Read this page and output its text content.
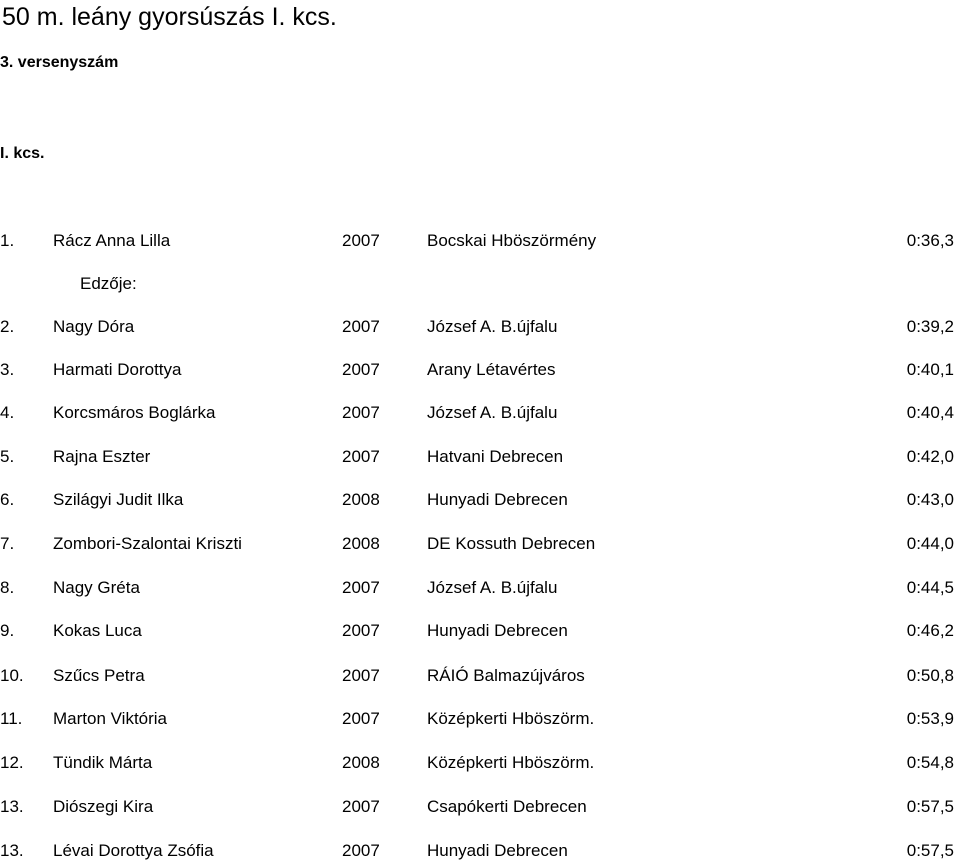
50 m. leány gyorsúszás I. kcs.
3. versenyszám
I. kcs.
1. Rácz Anna Lilla	2007	Bocskai Hböszörmény	0:36,3
Edzője:
2. Nagy Dóra	2007	József A. B.újfalu	0:39,2
3. Harmati Dorottya	2007	Arany Létavértes	0:40,1
4. Korcsmáros Boglárka	2007	József A. B.újfalu	0:40,4
5. Rajna Eszter	2007	Hatvani Debrecen	0:42,0
6. Szilágyi Judit Ilka	2008	Hunyadi Debrecen	0:43,0
7. Zombori-Szalontai Kriszti	2008	DE Kossuth Debrecen	0:44,0
8. Nagy Gréta	2007	József A. B.újfalu	0:44,5
9. Kokas Luca	2007	Hunyadi Debrecen	0:46,2
10. Szűcs Petra	2007	RÁIÓ Balmazújváros	0:50,8
11. Marton Viktória	2007	Középkerti Hböszörm.	0:53,9
12. Tündik Márta	2008	Középkerti Hböszörm.	0:54,8
13. Diószegi Kira	2007	Csapókerti Debrecen	0:57,5
13. Lévai Dorottya Zsófia	2007	Hunyadi Debrecen	0:57,5
